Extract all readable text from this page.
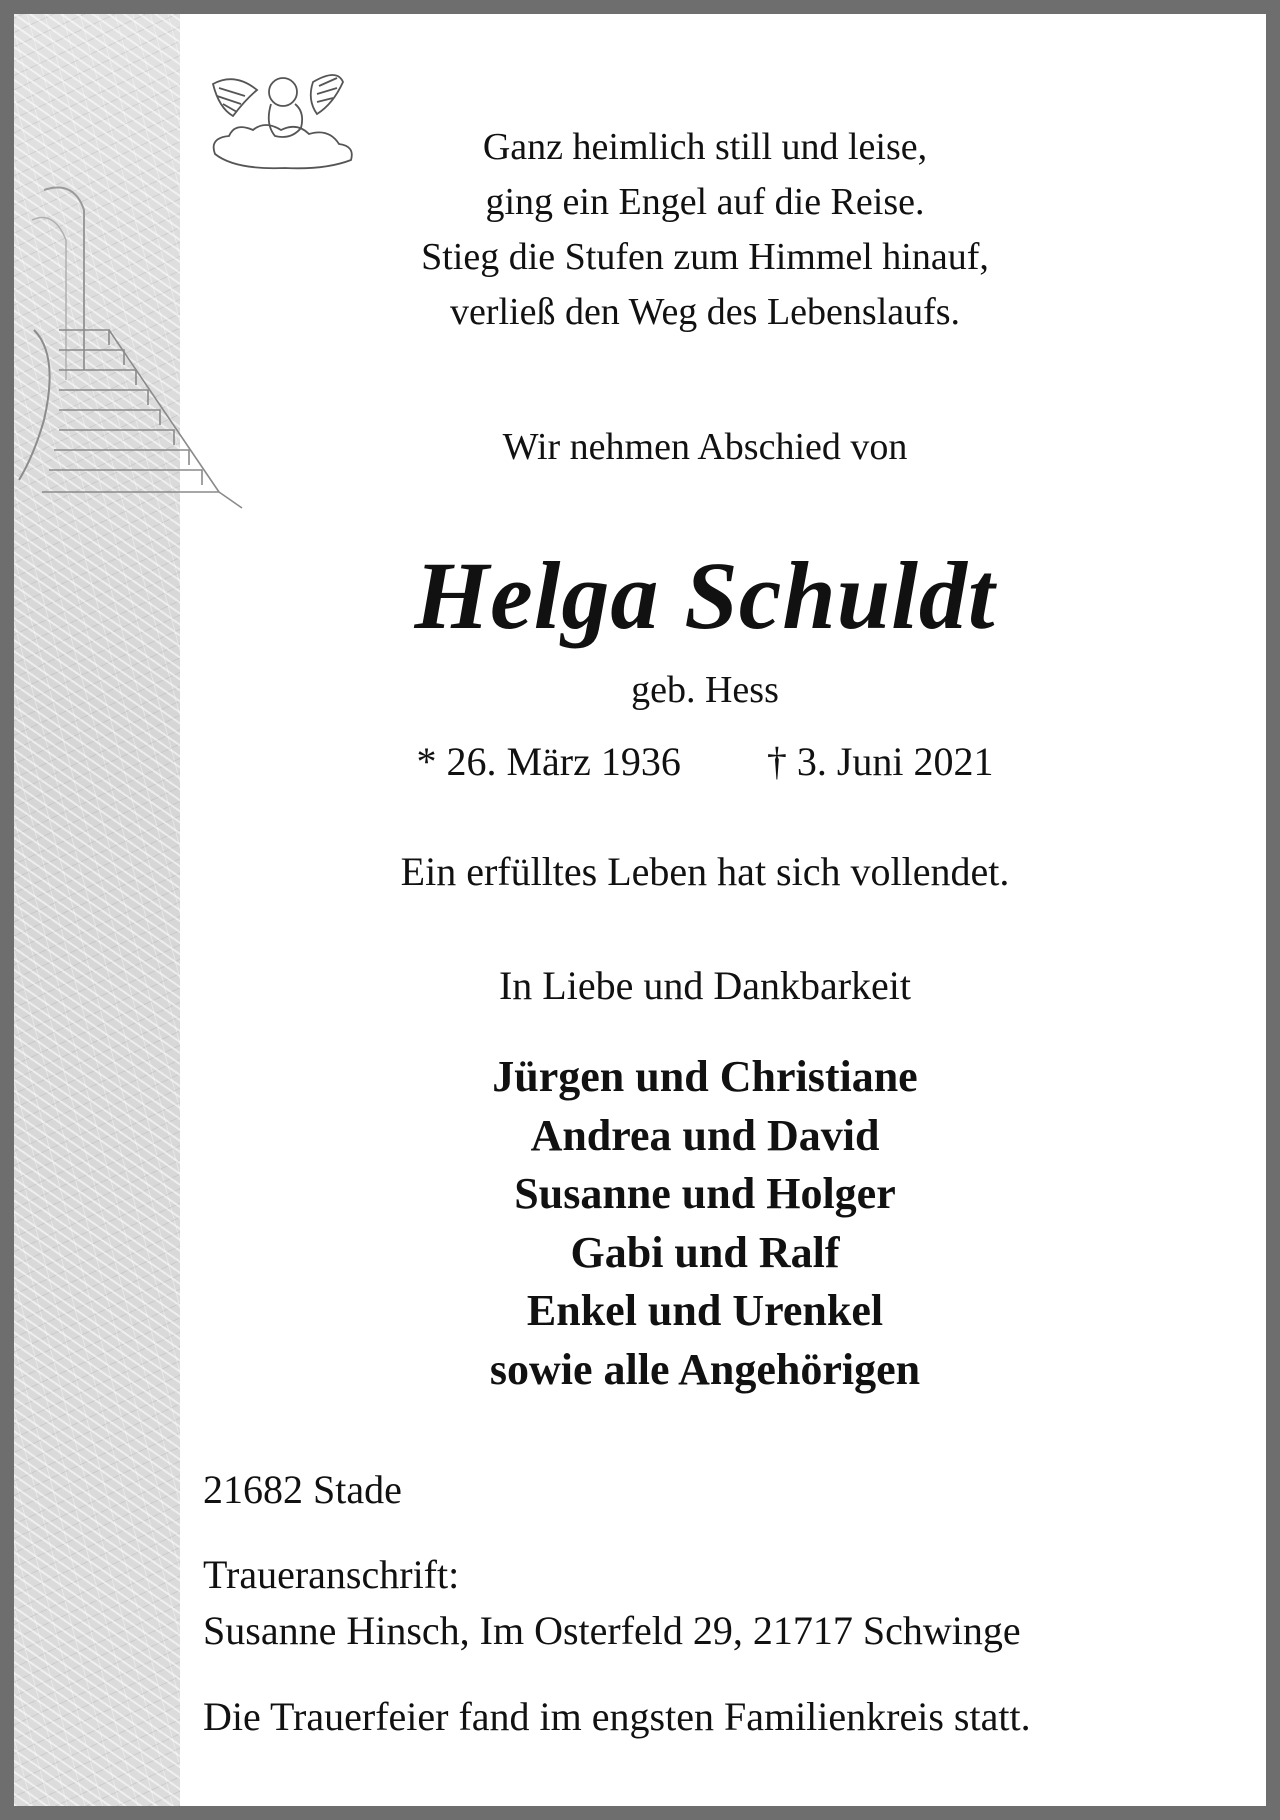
Ganz heimlich still und leise,
ging ein Engel auf die Reise.
Stieg die Stufen zum Himmel hinauf,
verließ den Weg des Lebenslaufs.
Wir nehmen Abschied von
Helga Schuldt
geb. Hess
* 26. März 1936 † 3. Juni 2021
Ein erfülltes Leben hat sich vollendet.
In Liebe und Dankbarkeit
Jürgen und Christiane
Andrea und David
Susanne und Holger
Gabi und Ralf
Enkel und Urenkel
sowie alle Angehörigen
21682 Stade
Traueranschrift:
Susanne Hinsch, Im Osterfeld 29, 21717 Schwinge
Die Trauerfeier fand im engsten Familienkreis statt.
